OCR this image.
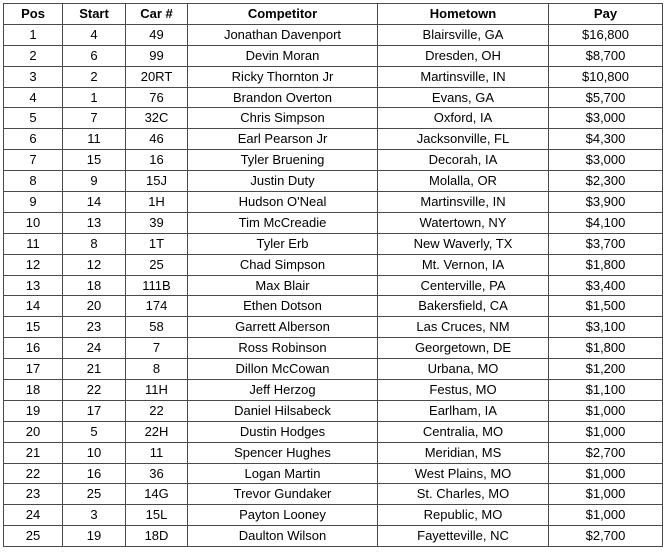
Pos	Start	Car #	Competitor	Hometown	Pay
1	4	49	Jonathan Davenport	Blairsville, GA	$16,800
2	6	99	Devin Moran	Dresden, OH	$8,700
3	2	20RT	Ricky Thornton Jr	Martinsville, IN	$10,800
4	1	76	Brandon Overton	Evans, GA	$5,700
5	7	32C	Chris Simpson	Oxford, IA	$3,000
6	11	46	Earl Pearson Jr	Jacksonville, FL	$4,300
7	15	16	Tyler Bruening	Decorah, IA	$3,000
8	9	15J	Justin Duty	Molalla, OR	$2,300
9	14	1H	Hudson O'Neal	Martinsville, IN	$3,900
10	13	39	Tim McCreadie	Watertown, NY	$4,100
11	8	1T	Tyler Erb	New Waverly, TX	$3,700
12	12	25	Chad Simpson	Mt. Vernon, IA	$1,800
13	18	111B	Max Blair	Centerville, PA	$3,400
14	20	174	Ethen Dotson	Bakersfield, CA	$1,500
15	23	58	Garrett Alberson	Las Cruces, NM	$3,100
16	24	7	Ross Robinson	Georgetown, DE	$1,800
17	21	8	Dillon McCowan	Urbana, MO	$1,200
18	22	11H	Jeff Herzog	Festus, MO	$1,100
19	17	22	Daniel Hilsabeck	Earlham, IA	$1,000
20	5	22H	Dustin Hodges	Centralia, MO	$1,000
21	10	11	Spencer Hughes	Meridian, MS	$2,700
22	16	36	Logan Martin	West Plains, MO	$1,000
23	25	14G	Trevor Gundaker	St. Charles, MO	$1,000
24	3	15L	Payton Looney	Republic, MO	$1,000
25	19	18D	Daulton Wilson	Fayetteville, NC	$2,700
